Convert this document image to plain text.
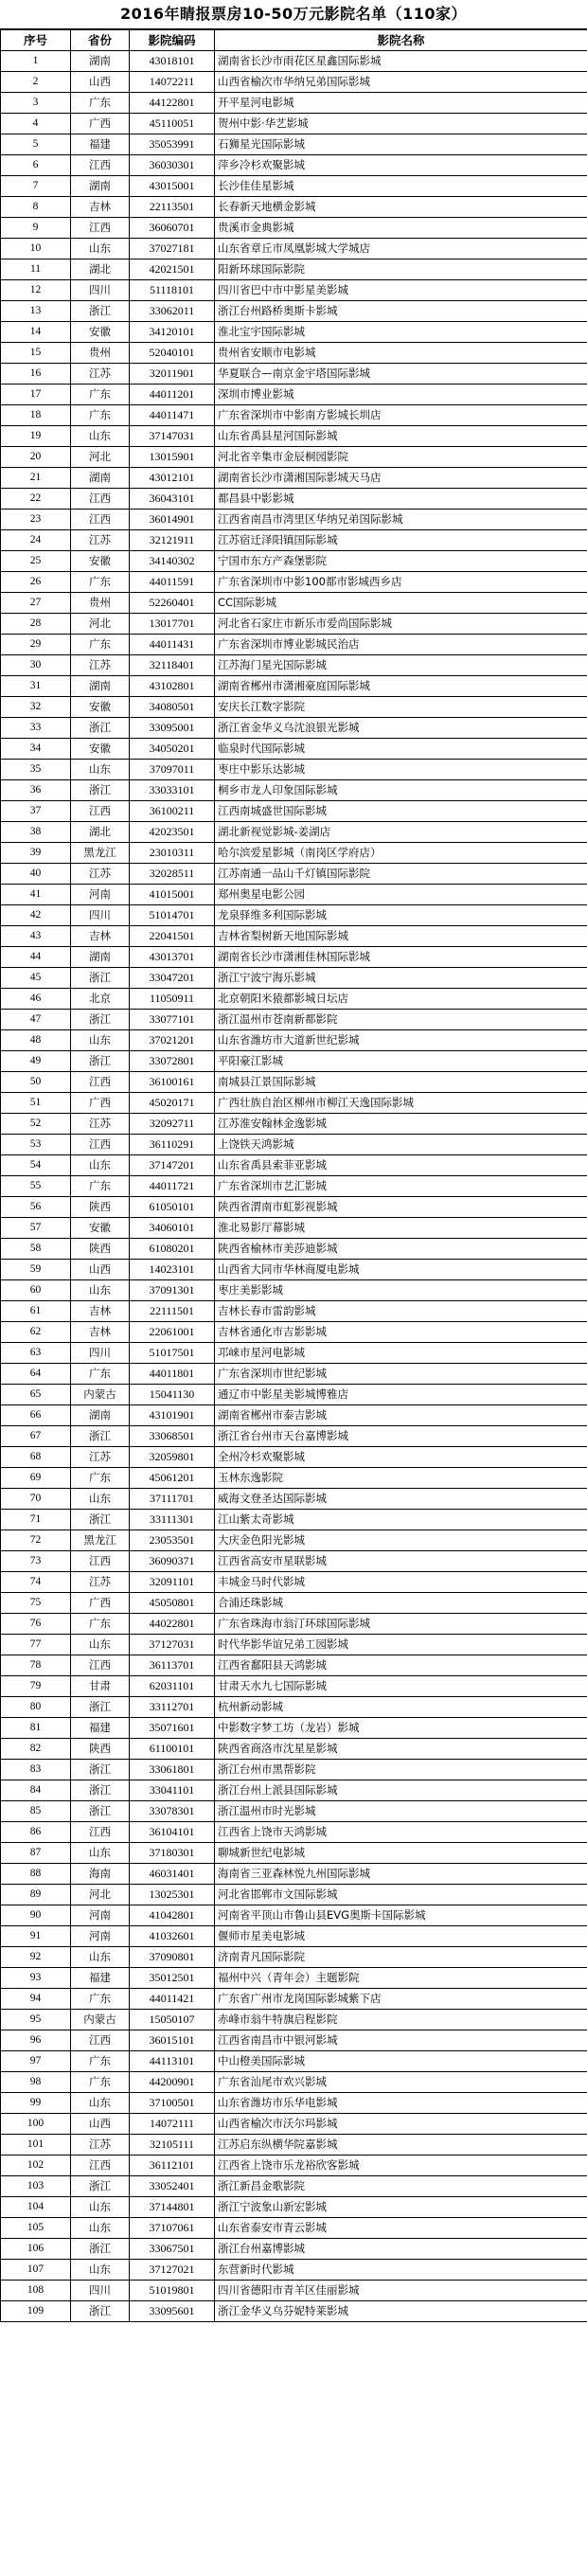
2016年睛报票房10-50万元影院名单（110家）
序号	省份	影院编码	影院名称
1	湖南	43018101	湖南省长沙市雨花区星鑫国际影城
2	山西	14072211	山西省榆次市华纳兄弟国际影城
3	广东	44122801	开平星河电影城
4	广西	45110051	贺州中影·华艺影城
5	福建	35053991	石狮星光国际影城
6	江西	36030301	萍乡冷杉欢聚影城
7	湖南	43015001	长沙佳佳星影城
8	吉林	22113501	长春新天地横金影城
9	江西	36060701	贵溪市金典影城
10	山东	37027181	山东省章丘市凤凰影城大学城店
11	湖北	42021501	阳新环球国际影院
12	四川	51118101	四川省巴中市中影星美影城
13	浙江	33062011	浙江台州路桥奥斯卡影城
14	安徽	34120101	淮北宝宇国际影城
15	贵州	52040101	贵州省安顺市电影城
16	江苏	32011901	华夏联合—南京金宇塔国际影城
17	广东	44011201	深圳市博业影城
18	广东	44011471	广东省深圳市中影南方影城长圳店
19	山东	37147031	山东省禹县星河国际影城
20	河北	13015901	河北省辛集市金辰桐园影院
21	湖南	43012101	湖南省长沙市潇湘国际影城天马店
22	江西	36043101	都昌县中影影城
23	江西	36014901	江西省南昌市湾里区华纳兄弟国际影城
24	江苏	32121911	江苏宿迁泽阳镇国际影城
25	安徽	34140302	宁国市东方产森堡影院
26	广东	44011591	广东省深圳市中影100都市影城西乡店
27	贵州	52260401	CC国际影城
28	河北	13017701	河北省石家庄市新乐市爱尚国际影城
29	广东	44011431	广东省深圳市博业影城民治店
30	江苏	32118401	江苏海门星光国际影城
31	湖南	43102801	湖南省郴州市潇湘豪庭国际影城
32	安徽	34080501	安庆长江数字影院
33	浙江	33095001	浙江省金华义乌沈浪银光影城
34	安徽	34050201	临泉时代国际影城
35	山东	37097011	枣庄中影乐达影城
36	浙江	33033101	桐乡市龙人印象国际影城
37	江西	36100211	江西南城盛世国际影城
38	湖北	42023501	湖北新视觉影城-姜湖店
39	黑龙江	23010311	哈尔滨爱星影城（南岗区学府店）
40	江苏	32028511	江苏南通一品山千灯镇国际影院
41	河南	41015001	郑州奥星电影公园
42	四川	51014701	龙泉驿维多利国际影城
43	吉林	22041501	吉林省梨树新天地国际影城
44	湖南	43013701	湖南省长沙市潇湘佳林国际影城
45	浙江	33047201	浙江宁波宁海乐影城
46	北京	11050911	北京朝阳米猿都影城日坛店
47	浙江	33077101	浙江温州市苍南新都影院
48	山东	37021201	山东省潍坊市大道新世纪影城
49	浙江	33072801	平阳豪江影城
50	江西	36100161	南城县江景国际影城
51	广西	45020171	广西壮族自治区柳州市柳江天逸国际影城
52	江苏	32092711	江苏淮安翰林金逸影城
53	江西	36110291	上饶铁天鸿影城
54	山东	37147201	山东省禹县索菲亚影城
55	广东	44011721	广东省深圳市艺汇影城
56	陕西	61050101	陕西省渭南市虹影视影城
57	安徽	34060101	淮北易影厅幕影城
58	陕西	61080201	陕西省榆林市美莎迪影城
59	山西	14023101	山西省大同市华林商厦电影城
60	山东	37091301	枣庄美影影城
61	吉林	22111501	吉林长春市雷韵影城
62	吉林	22061001	吉林省通化市吉影影城
63	四川	51017501	邛崃市星河电影城
64	广东	44011801	广东省深圳市世纪影城
65	内蒙古	15041130	通辽市中影星美影城博雅店
66	湖南	43101901	湖南省郴州市泰吉影城
67	浙江	33068501	浙江省台州市天台嘉博影城
68	江苏	32059801	全州冷杉欢聚影城
69	广东	45061201	玉林东逸影院
70	山东	37111701	威海文登圣达国际影城
71	浙江	33111301	江山紫太奇影城
72	黑龙江	23053501	大庆金色阳光影城
73	江西	36090371	江西省高安市星联影城
74	江苏	32091101	丰城金马时代影城
75	广西	45050801	合浦还珠影城
76	广东	44022801	广东省珠海市翁汀环球国际影城
77	山东	37127031	时代华影华谊兄弟工园影城
78	江西	36113701	江西省鄱阳县天鸿影城
79	甘肃	62031101	甘肃天水九七国际影城
80	浙江	33112701	杭州新动影城
81	福建	35071601	中影数字梦工坊（龙岩）影城
82	陕西	61100101	陕西省商洛市沈星星影城
83	浙江	33061801	浙江台州市黑帮影院
84	浙江	33041101	浙江台州上派县国际影城
85	浙江	33078301	浙江温州市时光影城
86	江西	36104101	江西省上饶市天鸿影城
87	山东	37180301	聊城新世纪电影城
88	海南	46031401	海南省三亚森林悦九州国际影城
89	河北	13025301	河北省邯郸市文国际影城
90	河南	41042801	河南省平顶山市鲁山县EVG奥斯卡国际影城
91	河南	41032601	偃师市星美电影城
92	山东	37090801	济南青凡国际影院
93	福建	35012501	福州中兴（青年会）主题影院
94	广东	44011421	广东省广州市龙岗国际影城紫下店
95	内蒙古	15050107	赤峰市翁牛特旗启程影院
96	江西	36015101	江西省南昌市中银河影城
97	广东	44113101	中山橙美国际影城
98	广东	44200901	广东省汕尾市欢兴影城
99	山东	37100501	山东省潍坊市乐华电影城
100	山西	14072111	山西省榆次市沃尔玛影城
101	江苏	32105111	江苏启东纵横华院嘉影城
102	江西	36112101	江西省上饶市乐龙裕欣客影城
103	浙江	33052401	浙江新昌金歌影院
104	山东	37144801	浙江宁波象山新宏影城
105	山东	37107061	山东省泰安市青云影城
106	浙江	33067501	浙江台州嘉博影城
107	山东	37127021	东营新时代影城
108	四川	51019801	四川省德阳市青羊区佳丽影城
109	浙江	33095601	浙江金华义乌芬妮特莱影城
